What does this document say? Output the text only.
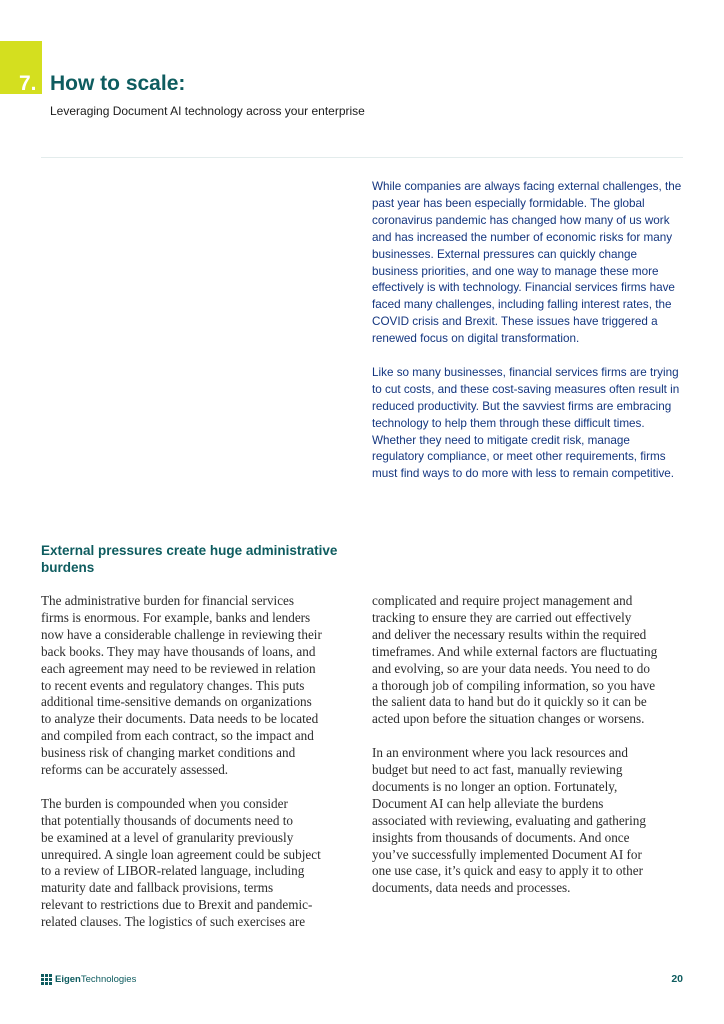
7. How to scale:
Leveraging Document AI technology across your enterprise

While companies are always facing external challenges, the past year has been especially formidable. The global coronavirus pandemic has changed how many of us work and has increased the number of economic risks for many businesses. External pressures can quickly change business priorities, and one way to manage these more effectively is with technology. Financial services firms have faced many challenges, including falling interest rates, the COVID crisis and Brexit. These issues have triggered a renewed focus on digital transformation.

Like so many businesses, financial services firms are trying to cut costs, and these cost-saving measures often result in reduced productivity. But the savviest firms are embracing technology to help them through these difficult times. Whether they need to mitigate credit risk, manage regulatory compliance, or meet other requirements, firms must find ways to do more with less to remain competitive.

External pressures create huge administrative burdens

The administrative burden for financial services
firms is enormous. For example, banks and lenders
now have a considerable challenge in reviewing their
back books. They may have thousands of loans, and
each agreement may need to be reviewed in relation
to recent events and regulatory changes. This puts
additional time-sensitive demands on organizations
to analyze their documents. Data needs to be located
and compiled from each contract, so the impact and
business risk of changing market conditions and
reforms can be accurately assessed.

The burden is compounded when you consider
that potentially thousands of documents need to
be examined at a level of granularity previously
unrequired. A single loan agreement could be subject
to a review of LIBOR-related language, including
maturity date and fallback provisions, terms
relevant to restrictions due to Brexit and pandemic-
related clauses. The logistics of such exercises are

complicated and require project management and
tracking to ensure they are carried out effectively
and deliver the necessary results within the required
timeframes. And while external factors are fluctuating
and evolving, so are your data needs. You need to do
a thorough job of compiling information, so you have
the salient data to hand but do it quickly so it can be
acted upon before the situation changes or worsens.

In an environment where you lack resources and
budget but need to act fast, manually reviewing
documents is no longer an option. Fortunately,
Document AI can help alleviate the burdens
associated with reviewing, evaluating and gathering
insights from thousands of documents. And once
you’ve successfully implemented Document AI for
one use case, it’s quick and easy to apply it to other
documents, data needs and processes.

EigenTechnologies	20
